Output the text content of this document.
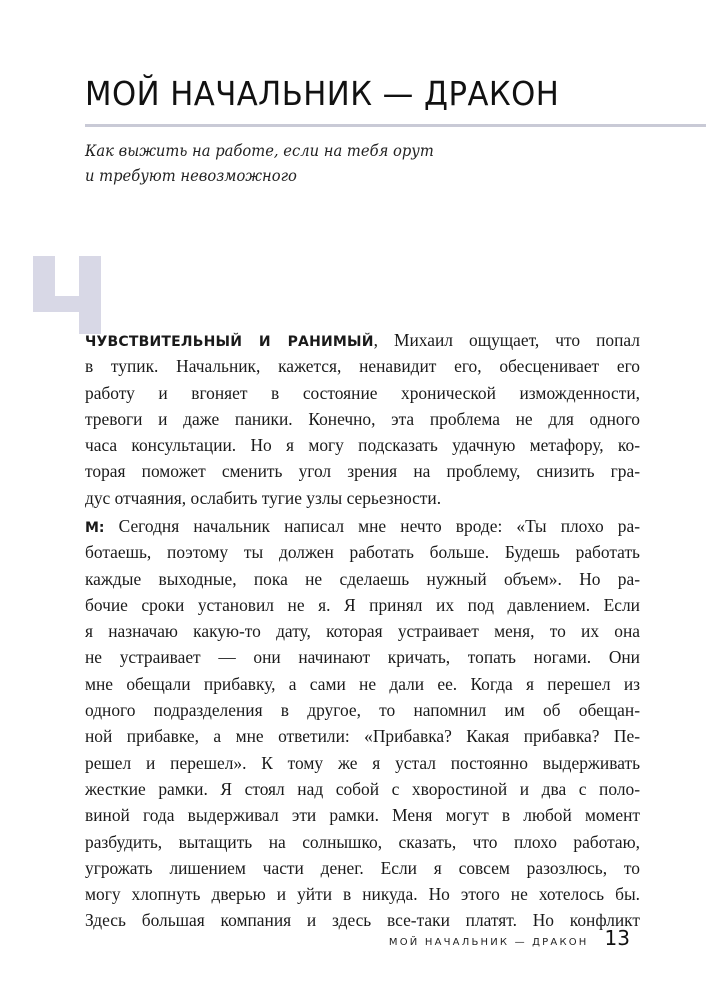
МОЙ НАЧАЛЬНИК — ДРАКОН
Как выжить на работе, если на тебя орут
и требуют невозможного
ЧУВСТВИТЕЛЬНЫЙ И РАНИМЫЙ, Михаил ощущает, что попал
в тупик. Начальник, кажется, ненавидит его, обесценивает его
работу и вгоняет в состояние хронической изможденности,
тревоги и даже паники. Конечно, эта проблема не для одного
часа консультации. Но я могу подсказать удачную метафору, ко-
торая поможет сменить угол зрения на проблему, снизить гра-
дус отчаяния, ослабить тугие узлы серьезности.
М: Сегодня начальник написал мне нечто вроде: «Ты плохо ра-
ботаешь, поэтому ты должен работать больше. Будешь работать
каждые выходные, пока не сделаешь нужный объем». Но ра-
бочие сроки установил не я. Я принял их под давлением. Если
я назначаю какую-то дату, которая устраивает меня, то их она
не устраивает — они начинают кричать, топать ногами. Они
мне обещали прибавку, а сами не дали ее. Когда я перешел из
одного подразделения в другое, то напомнил им об обещан-
ной прибавке, а мне ответили: «Прибавка? Какая прибавка? Пе-
решел и перешел». К тому же я устал постоянно выдерживать
жесткие рамки. Я стоял над собой с хворостиной и два с поло-
виной года выдерживал эти рамки. Меня могут в любой момент
разбудить, вытащить на солнышко, сказать, что плохо работаю,
угрожать лишением части денег. Если я совсем разозлюсь, то
могу хлопнуть дверью и уйти в никуда. Но этого не хотелось бы.
Здесь большая компания и здесь все-таки платят. Но конфликт
МОЙ НАЧАЛЬНИК — ДРАКОН 13
